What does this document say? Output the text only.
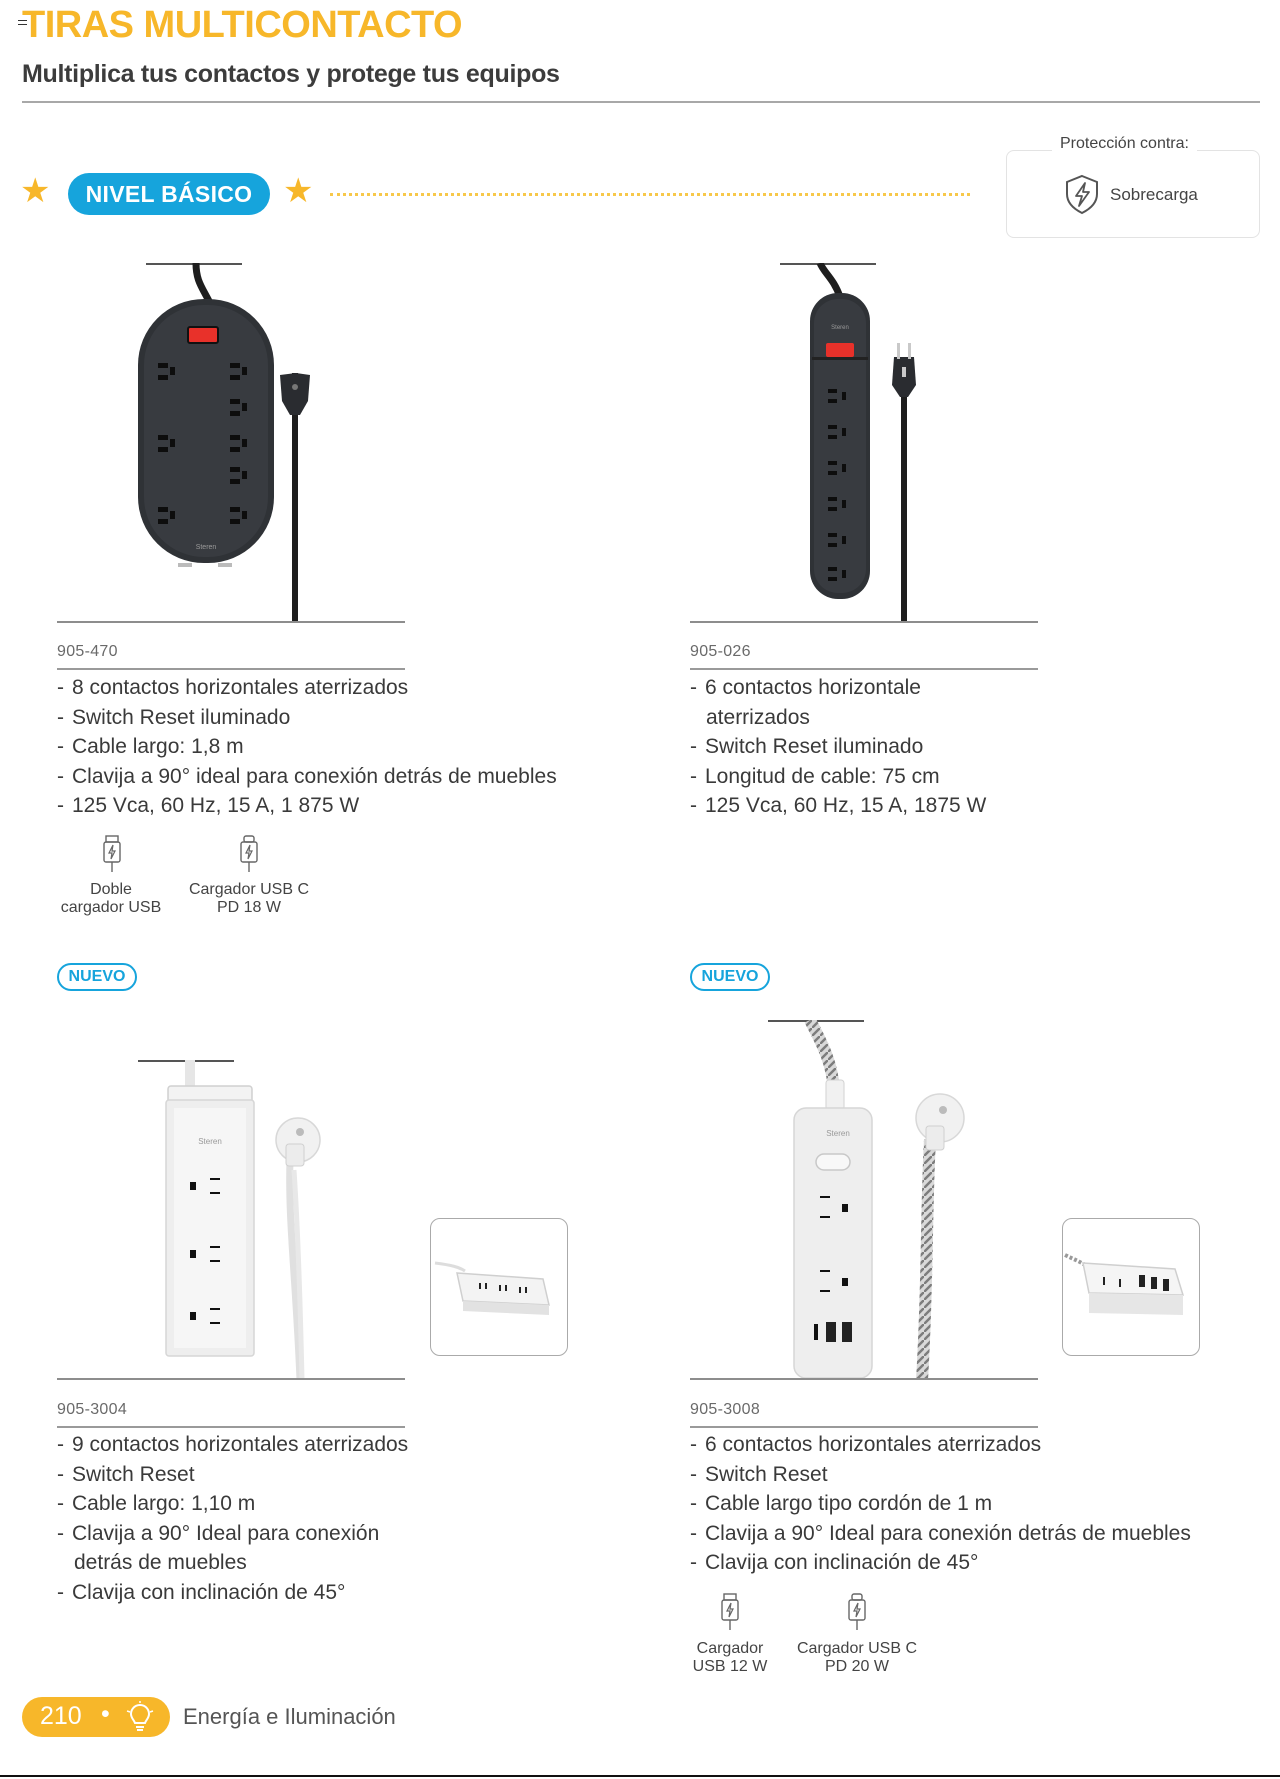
TIRAS MULTICONTACTO
Multiplica tus contactos y protege tus equipos
★	NIVEL BÁSICO ★
Protección contra:
Sobrecarga
Steren
905-470
- 8 contactos horizontales aterrizados
- Switch Reset iluminado
- Cable largo: 1,8 m
- Clavija a 90° ideal para conexión detrás de muebles
- 125 Vca, 60 Hz, 15 A, 1 875 W
Doble
cargador USB
Cargador USB C
PD 18 W
Steren
905-026
- 6 contactos horizontale
aterrizados
- Switch Reset iluminado
- Longitud de cable: 75 cm
- 125 Vca, 60 Hz, 15 A, 1875 W
NUEVO
Steren
905-3004
- 9 contactos horizontales aterrizados
- Switch Reset
- Cable largo: 1,10 m
- Clavija a 90° Ideal para conexión
detrás de muebles
- Clavija con inclinación de 45°
NUEVO
Steren
905-3008
- 6 contactos horizontales aterrizados
- Switch Reset
- Cable largo tipo cordón de 1 m
- Clavija a 90° Ideal para conexión detrás de muebles
- Clavija con inclinación de 45°
Cargador
USB 12 W
Cargador USB C
PD 20 W
210 •	Energía e Iluminación
